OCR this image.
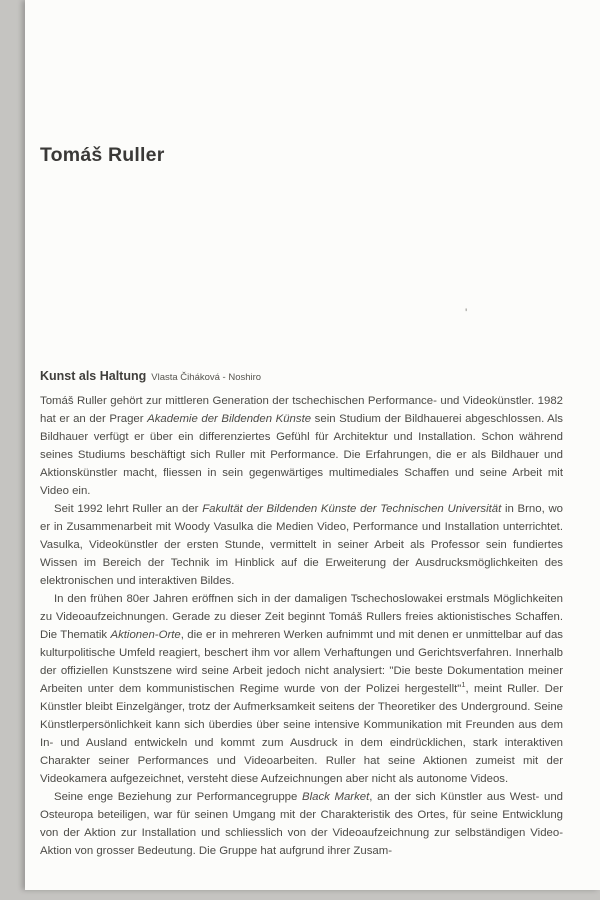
Tomáš Ruller
'

Kunst als Haltung Vlasta Čiháková - Noshiro

Tomáš Ruller gehört zur mittleren Generation der tschechischen Performance- und Videokünstler. 1982 hat er an der Prager Akademie der Bildenden Künste sein Studium der Bildhauerei abgeschlossen. Als Bildhauer verfügt er über ein differenziertes Gefühl für Architektur und Installation. Schon während seines Studiums beschäftigt sich Ruller mit Performance. Die Erfahrungen, die er als Bildhauer und Aktionskünstler macht, fliessen in sein gegenwärtiges multimediales Schaffen und seine Arbeit mit Video ein.

Seit 1992 lehrt Ruller an der Fakultät der Bildenden Künste der Technischen Universität in Brno, wo er in Zusammenarbeit mit Woody Vasulka die Medien Video, Performance und Installation unterrichtet. Vasulka, Videokünstler der ersten Stunde, vermittelt in seiner Arbeit als Professor sein fundiertes Wissen im Bereich der Technik im Hinblick auf die Erweiterung der Ausdrucksmöglichkeiten des elektronischen und interaktiven Bildes.

In den frühen 80er Jahren eröffnen sich in der damaligen Tschechoslowakei erstmals Möglichkeiten zu Videoaufzeichnungen. Gerade zu dieser Zeit beginnt Tomáš Rullers freies aktionistisches Schaffen. Die Thematik Aktionen-Orte, die er in mehreren Werken aufnimmt und mit denen er unmittelbar auf das kulturpolitische Umfeld reagiert, beschert ihm vor allem Verhaftungen und Gerichtsverfahren. Innerhalb der offiziellen Kunstszene wird seine Arbeit jedoch nicht analysiert: "Die beste Dokumentation meiner Arbeiten unter dem kommunistischen Regime wurde von der Polizei hergestellt"$^1$, meint Ruller. Der Künstler bleibt Einzelgänger, trotz der Aufmerksamkeit seitens der Theoretiker des Underground. Seine Künstlerpersönlichkeit kann sich überdies über seine intensive Kommunikation mit Freunden aus dem In- und Ausland entwickeln und kommt zum Ausdruck in dem eindrücklichen, stark interaktiven Charakter seiner Performances und Videoarbeiten. Ruller hat seine Aktionen zumeist mit der Videokamera aufgezeichnet, versteht diese Aufzeichnungen aber nicht als autonome Videos.

Seine enge Beziehung zur Performancegruppe Black Market, an der sich Künstler aus West- und Osteuropa beteiligen, war für seinen Umgang mit der Charakteristik des Ortes, für seine Entwicklung von der Aktion zur Installation und schliesslich von der Videoaufzeichnung zur selbständigen Video-Aktion von grosser Bedeutung. Die Gruppe hat aufgrund ihrer Zusam-
